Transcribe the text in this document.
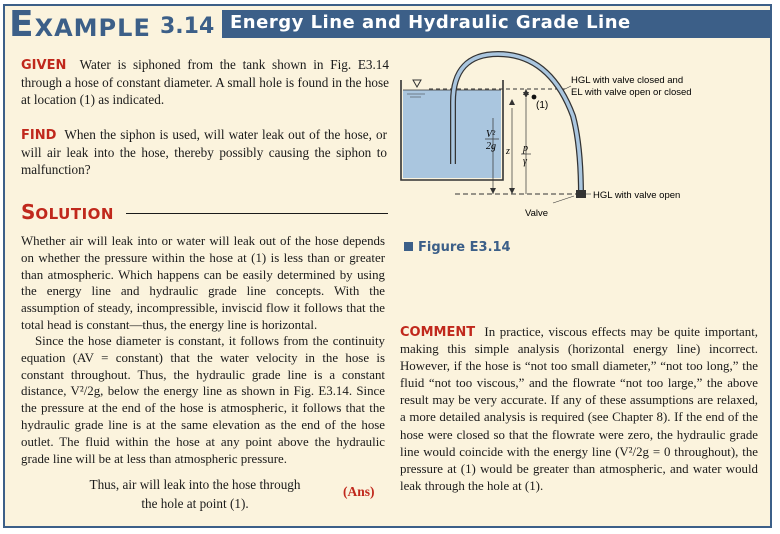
EXAMPLE 3.14 Energy Line and Hydraulic Grade Line
GIVEN Water is siphoned from the tank shown in Fig. E3.14 through a hose of constant diameter. A small hole is found in the hose at location (1) as indicated.
FIND When the siphon is used, will water leak out of the hose, or will air leak into the hose, thereby possibly causing the siphon to malfunction?
SOLUTION
Whether air will leak into or water will leak out of the hose depends on whether the pressure within the hose at (1) is less than or greater than atmospheric. Which happens can be easily determined by using the energy line and hydraulic grade line concepts. With the assumption of steady, incompressible, inviscid flow it follows that the total head is constant—thus, the energy line is horizontal.
Since the hose diameter is constant, it follows from the continuity equation (AV = constant) that the water velocity in the hose is constant throughout. Thus, the hydraulic grade line is a constant distance, V²/2g, below the energy line as shown in Fig. E3.14. Since the pressure at the end of the hose is atmospheric, it follows that the hydraulic grade line is at the same elevation as the end of the hose outlet. The fluid within the hose at any point above the hydraulic grade line will be at less than atmospheric pressure.
Thus, air will leak into the hose through
the hole at point (1).
(Ans)
(1)
V²
2g z p
γ
HGL with valve closed and
EL with valve open or closed
HGL with valve open
Valve
Figure E3.14
COMMENT In practice, viscous effects may be quite important, making this simple analysis (horizontal energy line) incorrect. However, if the hose is “not too small diameter,” “not too long,” the fluid “not too viscous,” and the flowrate “not too large,” the above result may be very accurate. If any of these assumptions are relaxed, a more detailed analysis is required (see Chapter 8). If the end of the hose were closed so that the flowrate were zero, the hydraulic grade line would coincide with the energy line (V²/2g = 0 throughout), the pressure at (1) would be greater than atmospheric, and water would leak through the hole at (1).
